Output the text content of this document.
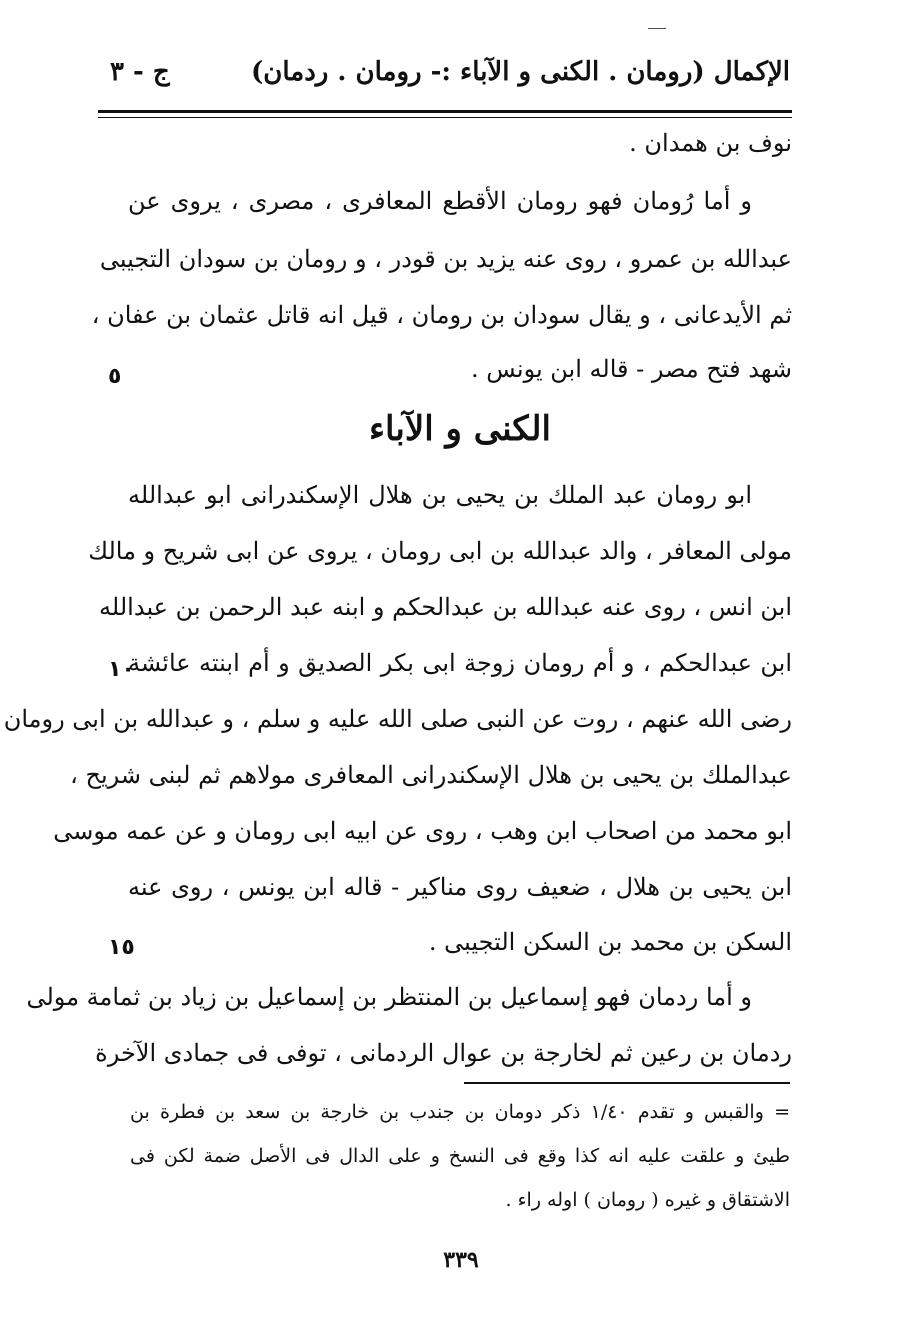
الإكمال (رومان . الكنى و الآباء :- رومان . ردمان)
ج - ٣
نوف بن همدان .
و أما رُومان فهو رومان الأقطع المعافرى ، مصرى ، يروى عن
عبدالله بن عمرو ، روى عنه يزيد بن قودر ، و رومان بن سودان التجيبى
ثم الأيدعانى ، و يقال سودان بن رومان ، قيل انه قاتل عثمان بن عفان ،
شهد فتح مصر - قاله ابن يونس .
٥
الكنى و الآباء
ابو رومان عبد الملك بن يحيى بن هلال الإسكندرانى ابو عبدالله
مولى المعافر ، والد عبدالله بن ابى رومان ، يروى عن ابى شريح و مالك
ابن انس ، روى عنه عبدالله بن عبدالحكم و ابنه عبد الرحمن بن عبدالله
ابن عبدالحكم ، و أم رومان زوجة ابى بكر الصديق و أم ابنته عائشة
١٠
رضى الله عنهم ، روت عن النبى صلى الله عليه و سلم ، و عبدالله بن ابى رومان
عبدالملك بن يحيى بن هلال الإسكندرانى المعافرى مولاهم ثم لبنى شريح ،
ابو محمد من اصحاب ابن وهب ، روى عن ابيه ابى رومان و عن عمه موسى
ابن يحيى بن هلال ، ضعيف روى مناكير - قاله ابن يونس ، روى عنه
السكن بن محمد بن السكن التجيبى .
١٥
و أما ردمان فهو إسماعيل بن المنتظر بن إسماعيل بن زياد بن ثمامة مولى
ردمان بن رعين ثم لخارجة بن عوال الردمانى ، توفى فى جمادى الآخرة
= والقبس و تقدم ١/٤٠ ذكر دومان بن جندب بن خارجة بن سعد بن فطرة بن
طيئ و علقت عليه انه كذا وقع فى النسخ و على الدال فى الأصل ضمة لكن فى
الاشتقاق و غيره ( رومان ) اوله راء .
٣٣٩
